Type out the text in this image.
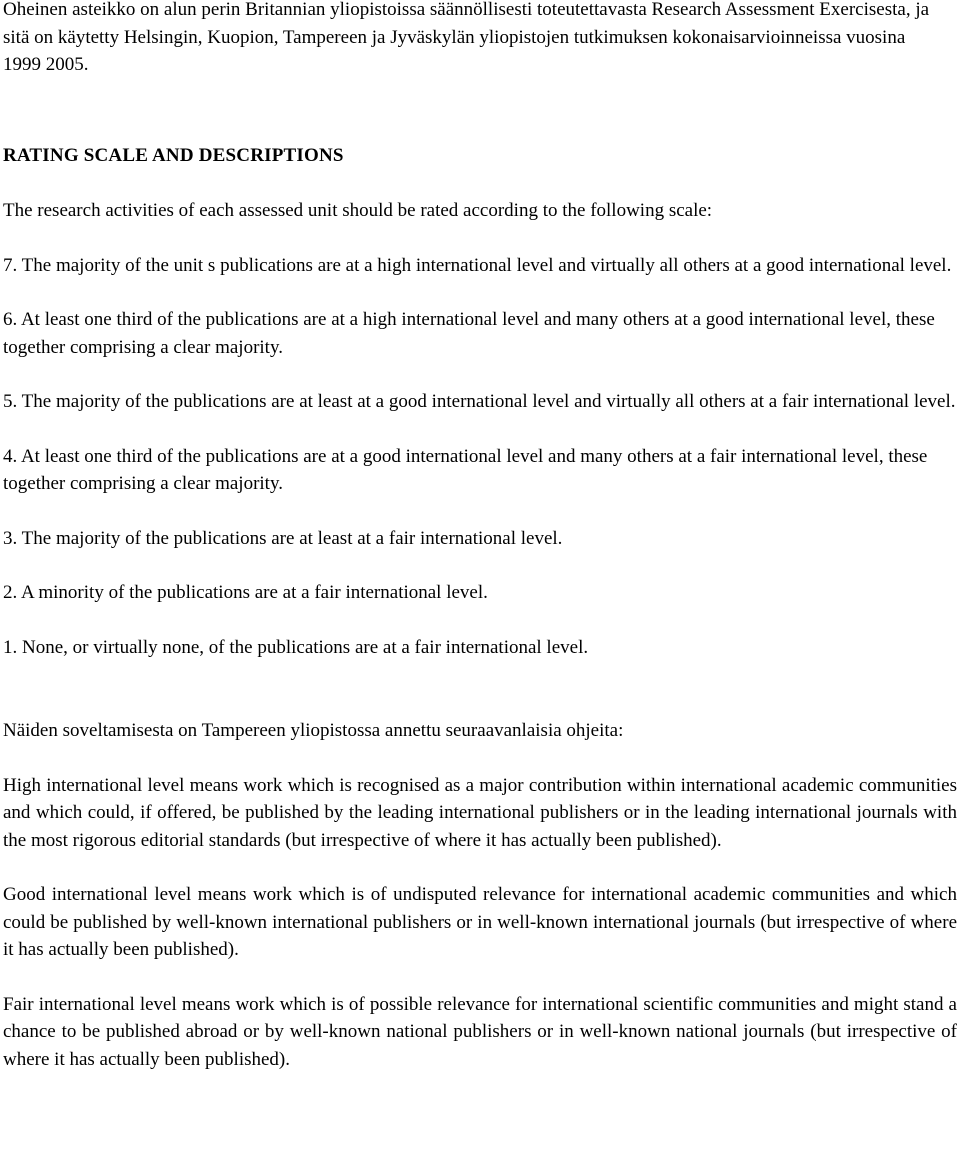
Oheinen asteikko on alun perin Britannian yliopistoissa säännöllisesti toteutettavasta Research Assessment Exercisesta, ja sitä on käytetty Helsingin, Kuopion, Tampereen ja Jyväskylän yliopistojen tutkimuksen kokonaisarvioinneissa vuosina 1999 2005.

RATING SCALE AND DESCRIPTIONS

The research activities of each assessed unit should be rated according to the following scale:

7. The majority of the unit s publications are at a high international level and virtually all others at a good international level.
6. At least one third of the publications are at a high international level and many others at a good international level, these together comprising a clear majority.
5. The majority of the publications are at least at a good international level and virtually all others at a fair international level.
4. At least one third of the publications are at a good international level and many others at a fair international level, these together comprising a clear majority.
3. The majority of the publications are at least at a fair international level.
2. A minority of the publications are at a fair international level.
1. None, or virtually none, of the publications are at a fair international level.

Näiden soveltamisesta on Tampereen yliopistossa annettu seuraavanlaisia ohjeita:

High international level means work which is recognised as a major contribution within international academic communities and which could, if offered, be published by the leading international publishers or in the leading international journals with the most rigorous editorial standards (but irrespective of where it has actually been published).

Good international level means work which is of undisputed relevance for international academic communities and which could be published by well-known international publishers or in well-known international journals (but irrespective of where it has actually been published).

Fair international level means work which is of possible relevance for international scientific communities and might stand a chance to be published abroad or by well-known national publishers or in well-known national journals (but irrespective of where it has actually been published).
